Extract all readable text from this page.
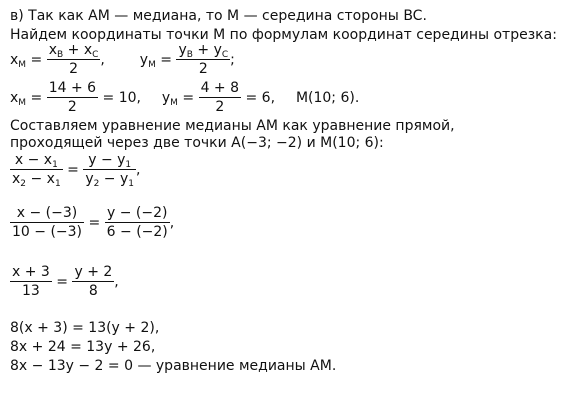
в) Так как AM — медиана, то M — середина стороны BC.
Найдем координаты точки M по формулам координат середины отрезка:
$x_M = \frac{x_B + x_C}{2}$ , $y_M = \frac{y_B + y_C}{2}$ ;
$x_M = \frac{14 + 6}{2} = 10$, $y_M = \frac{4 + 8}{2} = 6$, M(10; 6).
Составляем уравнение медианы AM как уравнение прямой,
проходящей через две точки A(−3; −2) и M(10; 6):
$\frac{x - x_1}{x_2 - x_1} = \frac{y - y_1}{y_2 - y_1}$ ,
$\frac{x - (-3)}{10 - (-3)} = \frac{y - (-2)}{6 - (-2)}$ ,
$\frac{x + 3}{13} = \frac{y + 2}{8}$ ,
8(x + 3) = 13(y + 2),
8x + 24 = 13y + 26,
8x − 13y − 2 = 0 — уравнение медианы AM.
